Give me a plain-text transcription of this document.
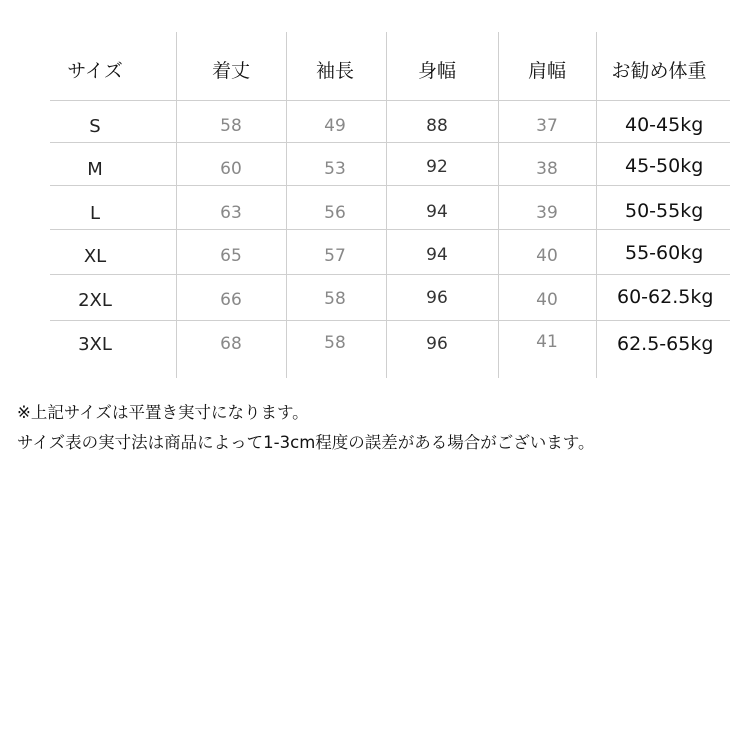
サイズ	着丈	袖長	身幅	肩幅	お勧め体重
S	58	49	88	37	40-45kg
M	60	53	92	38	45-50kg
L	63	56	94	39	50-55kg
XL	65	57	94	40	55-60kg
2XL	66	58	96	40	60-62.5kg
3XL	68	58	96	41	62.5-65kg
※上記サイズは平置き実寸になります。
サイズ表の実寸法は商品によって1-3cm程度の誤差がある場合がございます。
